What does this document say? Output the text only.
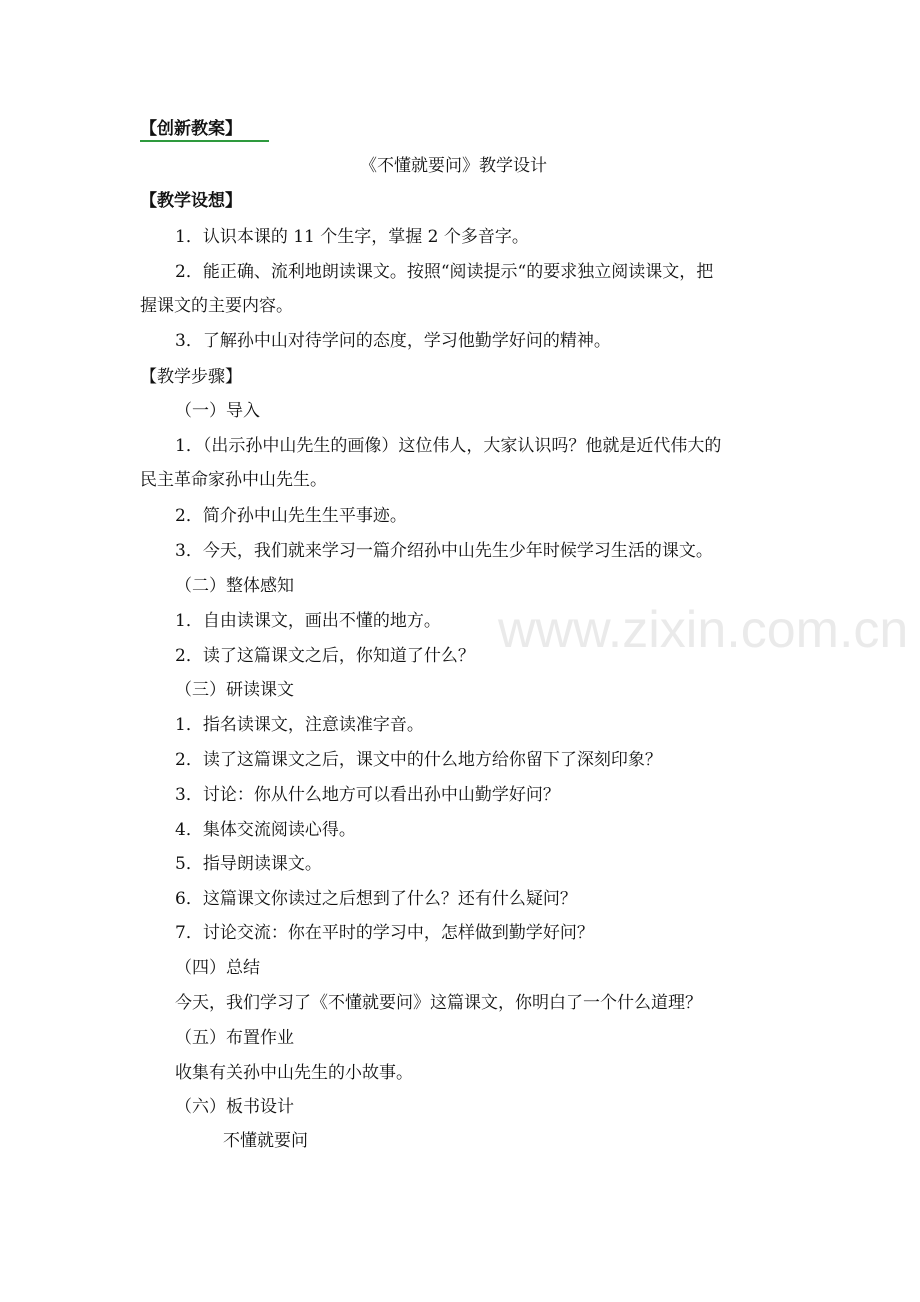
www.zixin.com.cn
【创新教案】
《不懂就要问》教学设计
【教学设想】
1．认识本课的 11 个生字，掌握 2 个多音字。
2．能正确、流利地朗读课文。按照“阅读提示“的要求独立阅读课文，把
握课文的主要内容。
3．了解孙中山对待学问的态度，学习他勤学好问的精神。
【教学步骤】
（一）导入
1．（出示孙中山先生的画像）这位伟人，大家认识吗？他就是近代伟大的
民主革命家孙中山先生。
2．简介孙中山先生生平事迹。
3．今天，我们就来学习一篇介绍孙中山先生少年时候学习生活的课文。
（二）整体感知
1．自由读课文，画出不懂的地方。
2．读了这篇课文之后，你知道了什么？
（三）研读课文
1．指名读课文，注意读准字音。
2．读了这篇课文之后，课文中的什么地方给你留下了深刻印象？
3．讨论：你从什么地方可以看出孙中山勤学好问？
4．集体交流阅读心得。
5．指导朗读课文。
6．这篇课文你读过之后想到了什么？还有什么疑问？
7．讨论交流：你在平时的学习中，怎样做到勤学好问？
（四）总结
今天，我们学习了《不懂就要问》这篇课文，你明白了一个什么道理？
（五）布置作业
收集有关孙中山先生的小故事。
（六）板书设计
不懂就要问
